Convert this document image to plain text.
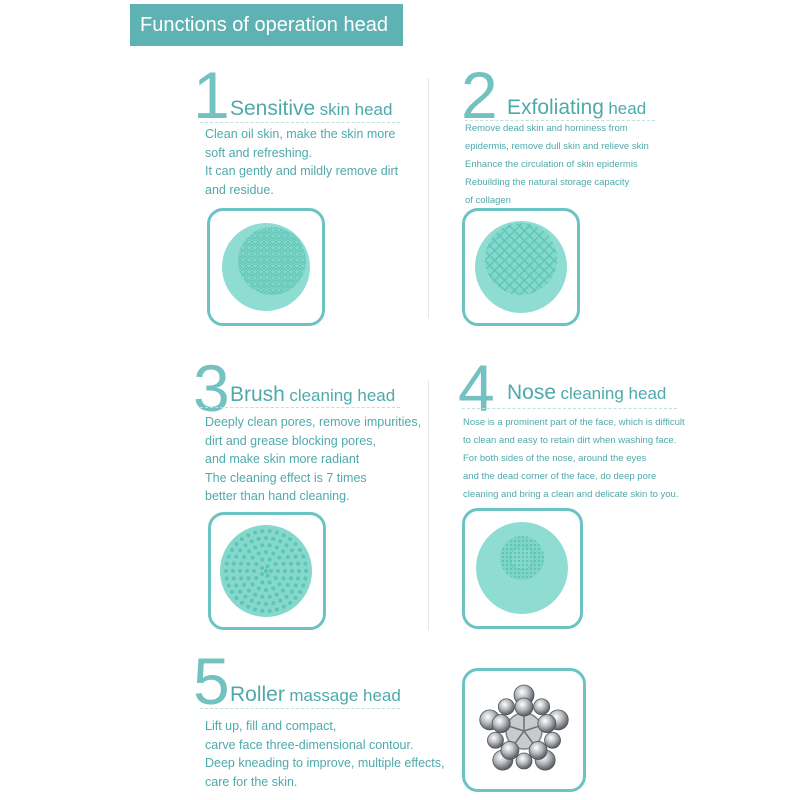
Functions of operation head
1 Sensitive skin head
Clean oil skin, make the skin more
soft and refreshing.
It can gently and mildly remove dirt
and residue.
2 Exfoliating head
Remove dead skin and horniness from
epidermis, remove dull skin and relieve skin
Enhance the circulation of skin epidermis
Rebuilding the natural storage capacity
of collagen
3 Brush cleaning head
Deeply clean pores, remove impurities,
dirt and grease blocking pores,
and make skin more radiant
The cleaning effect is 7 times
better than hand cleaning.
4 Nose cleaning head
Nose is a prominent part of the face, which is difficult
to clean and easy to retain dirt when washing face.
For both sides of the nose, around the eyes
and the dead corner of the face, do deep pore
cleaning and bring a clean and delicate skin to you.
5 Roller massage head
Lift up, fill and compact,
carve face three-dimensional contour.
Deep kneading to improve, multiple effects,
care for the skin.
